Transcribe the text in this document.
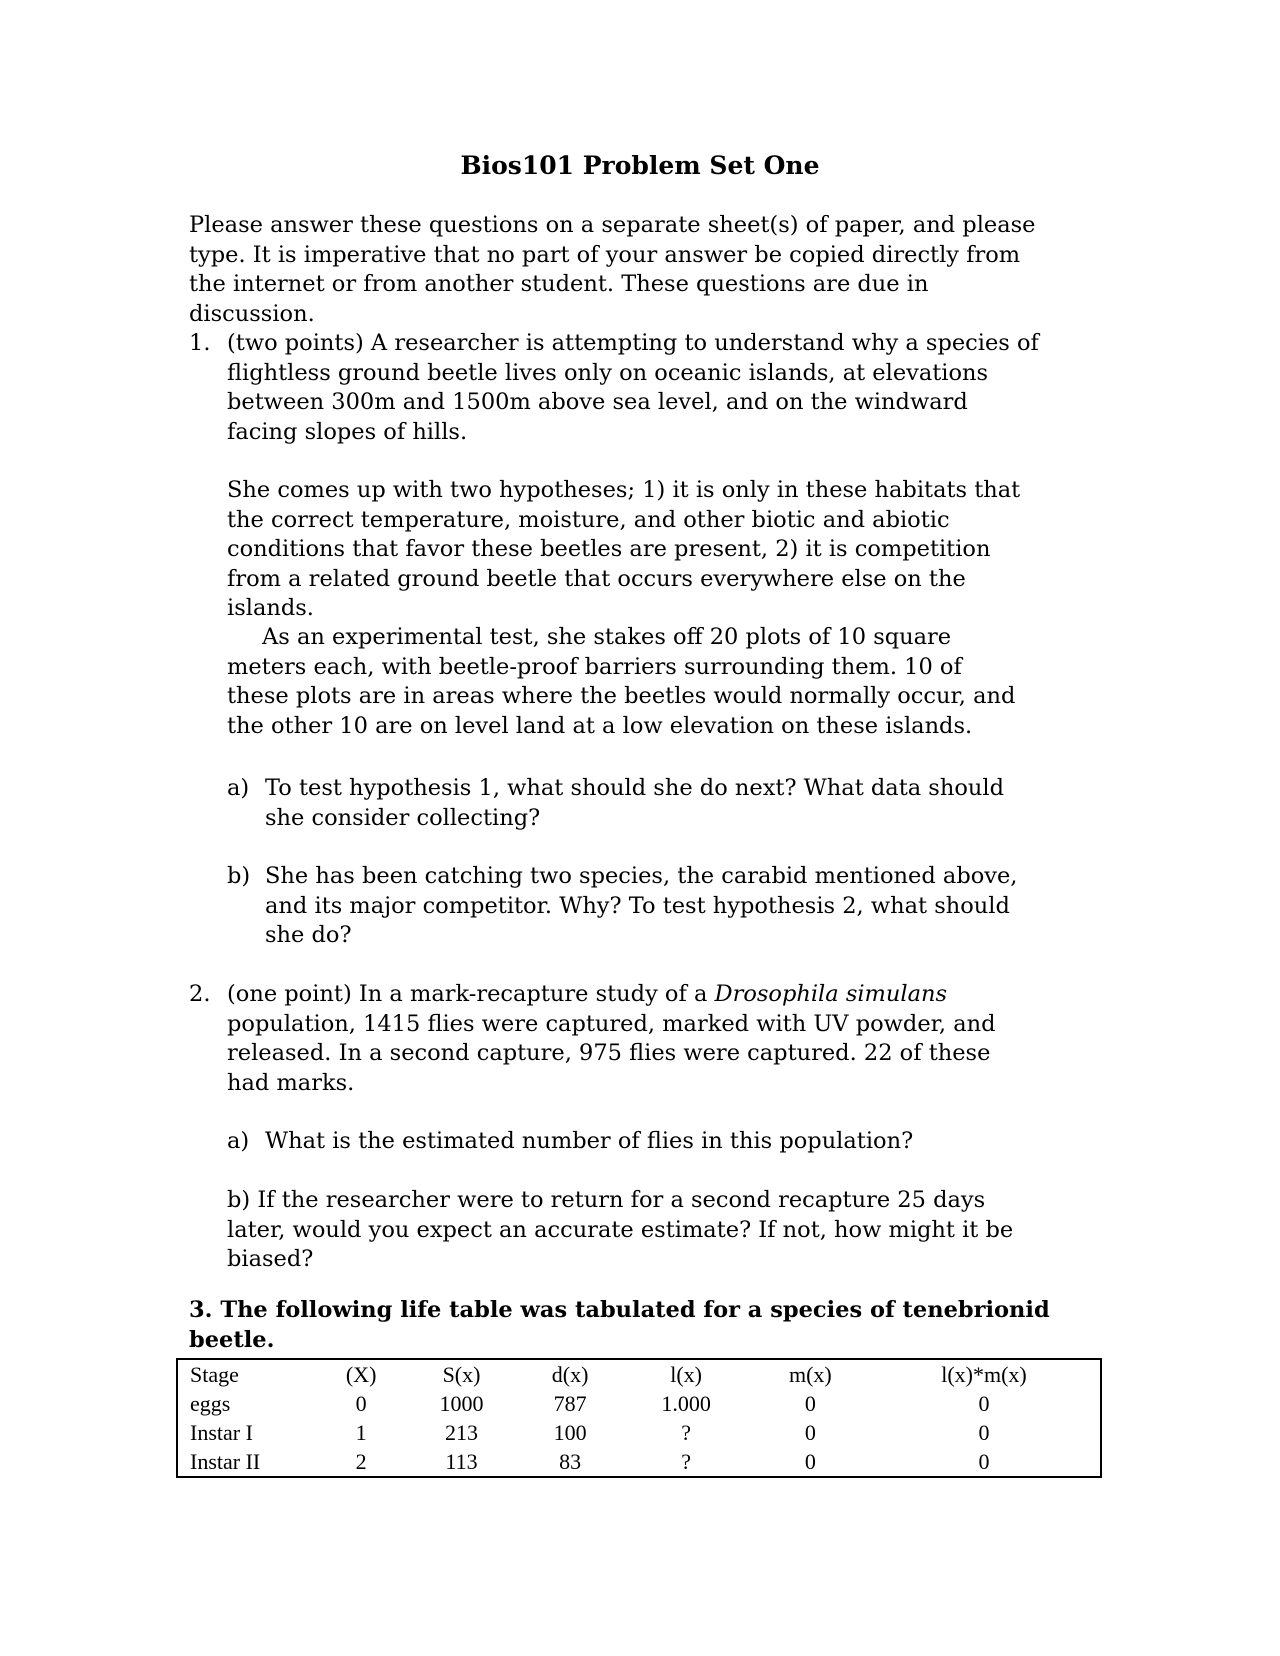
Bios101 Problem Set One
Please answer these questions on a separate sheet(s) of paper, and please
type. It is imperative that no part of your answer be copied directly from
the internet or from another student. These questions are due in
discussion.
1. (two points) A researcher is attempting to understand why a species of
flightless ground beetle lives only on oceanic islands, at elevations
between 300m and 1500m above sea level, and on the windward
facing slopes of hills.
She comes up with two hypotheses; 1) it is only in these habitats that
the correct temperature, moisture, and other biotic and abiotic
conditions that favor these beetles are present, 2) it is competition
from a related ground beetle that occurs everywhere else on the
islands.
As an experimental test, she stakes off 20 plots of 10 square
meters each, with beetle-proof barriers surrounding them. 10 of
these plots are in areas where the beetles would normally occur, and
the other 10 are on level land at a low elevation on these islands.
a) To test hypothesis 1, what should she do next? What data should
she consider collecting?
b) She has been catching two species, the carabid mentioned above,
and its major competitor. Why? To test hypothesis 2, what should
she do?
2. (one point) In a mark-recapture study of a Drosophila simulans
population, 1415 flies were captured, marked with UV powder, and
released. In a second capture, 975 flies were captured. 22 of these
had marks.
a) What is the estimated number of flies in this population?
b) If the researcher were to return for a second recapture 25 days
later, would you expect an accurate estimate? If not, how might it be
biased?
3. The following life table was tabulated for a species of tenebrionid
beetle.
Stage	(X)	S(x)	d(x)	l(x)	m(x)	l(x)*m(x)
eggs	0	1000	787	1.000	0	0
Instar I	1	213	100	?	0	0
Instar II	2	113	83	?	0	0
